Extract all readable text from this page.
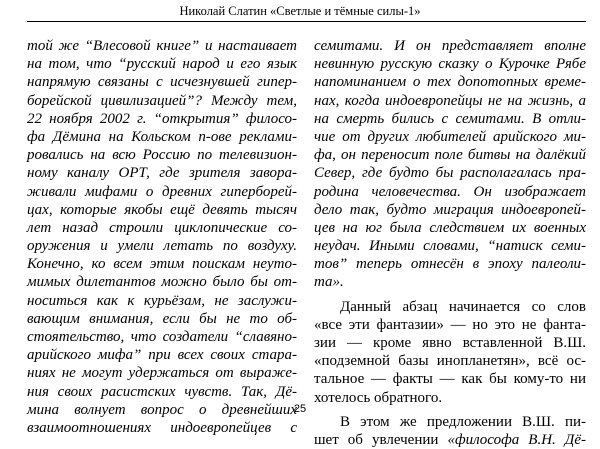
Николай Слатин «Светлые и тёмные силы-1»
той же “Влесовой книге” и настаивает
на том, что “русский народ и его язык
напрямую связаны с исчезнувшей гипер-
борейской цивилизацией”? Между тем,
22 ноября 2002 г. “открытия” филосо-
фа Дёмина на Кольском п-ове реклами-
ровались на всю Россию по телевизион-
ному каналу ОРТ, где зрителя завора-
живали мифами о древних гиперборей-
цах, которые якобы ещё девять тысяч
лет назад строили циклопические со-
оружения и умели летать по воздуху.
Конечно, ко всем этим поискам неуто-
мимых дилетантов можно было бы от-
носиться как к курьёзам, не заслужи-
вающим внимания, если бы не то об-
стоятельство, что создатели “славяно-
арийского мифа” при всех своих стара-
ниях не могут удержаться от выраже-
ния своих расистских чувств. Так, Дё-
мина волнует вопрос о древнейших
взаимоотношениях индоевропейцев с
семитами. И он представляет вполне
невинную русскую сказку о Курочке Рябе
напоминанием о тех допотопных време-
нах, когда индоевропейцы не на жизнь, а
на смерть бились с семитами. В отли-
чие от других любителей арийского ми-
фа, он переносит поле битвы на далёкий
Север, где будто бы располагалась пра-
родина человечества. Он изображает
дело так, будто миграция индоевропей-
цев на юг была следствием их военных
неудач. Иными словами, “натиск семи-
тов” теперь отнесён в эпоху палеоли-
та».
Данный абзац начинается со слов
«все эти фантазии» — но это не фанта-
зии — кроме явно вставленной В.Ш.
«подземной базы инопланетян», всё ос-
тальное — факты — как бы кому-то ни
хотелось обратного.
В этом же предложении В.Ш. пи-
шет об увлечении «философа В.Н. Дё-
25
